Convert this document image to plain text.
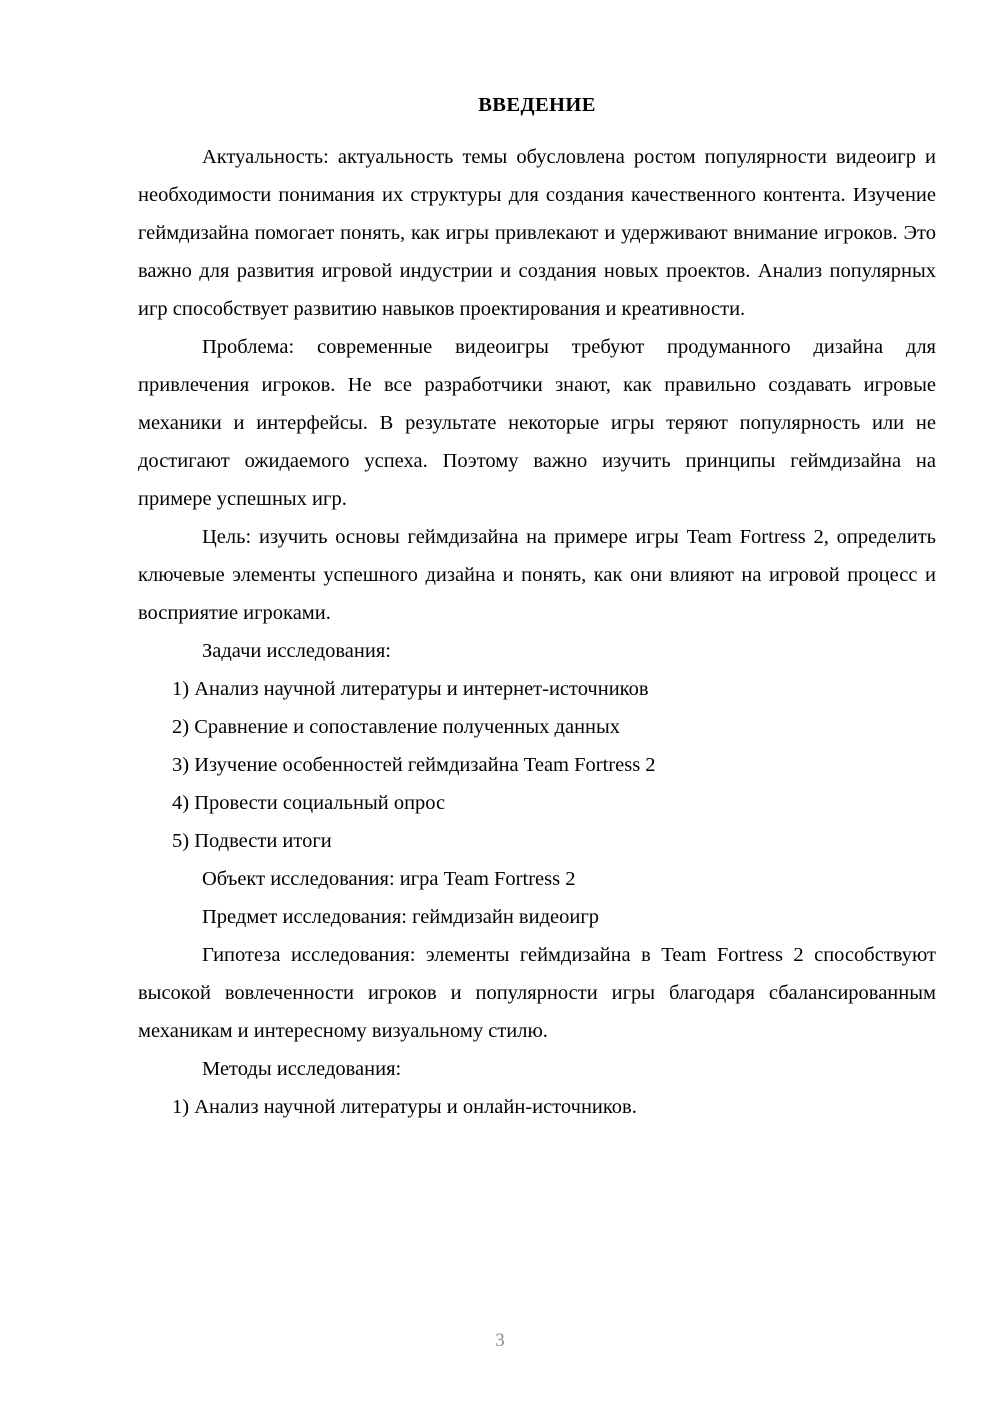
ВВЕДЕНИЕ

Актуальность: актуальность темы обусловлена ростом популярности видеоигр и необходимости понимания их структуры для создания качественного контента. Изучение геймдизайна помогает понять, как игры привлекают и удерживают внимание игроков. Это важно для развития игровой индустрии и создания новых проектов. Анализ популярных игр способствует развитию навыков проектирования и креативности.

Проблема: современные видеоигры требуют продуманного дизайна для привлечения игроков. Не все разработчики знают, как правильно создавать игровые механики и интерфейсы. В результате некоторые игры теряют популярность или не достигают ожидаемого успеха. Поэтому важно изучить принципы геймдизайна на примере успешных игр.

Цель: изучить основы геймдизайна на примере игры Team Fortress 2, определить ключевые элементы успешного дизайна и понять, как они влияют на игровой процесс и восприятие игроками.

Задачи исследования:

1) Анализ научной литературы и интернет-источников

2) Сравнение и сопоставление полученных данных

3) Изучение особенностей геймдизайна Team Fortress 2

4) Провести социальный опрос

5) Подвести итоги

Объект исследования: игра Team Fortress 2

Предмет исследования: геймдизайн видеоигр

Гипотеза исследования: элементы геймдизайна в Team Fortress 2 способствуют высокой вовлеченности игроков и популярности игры благодаря сбалансированным механикам и интересному визуальному стилю.

Методы исследования:

1) Анализ научной литературы и онлайн-источников.

3
